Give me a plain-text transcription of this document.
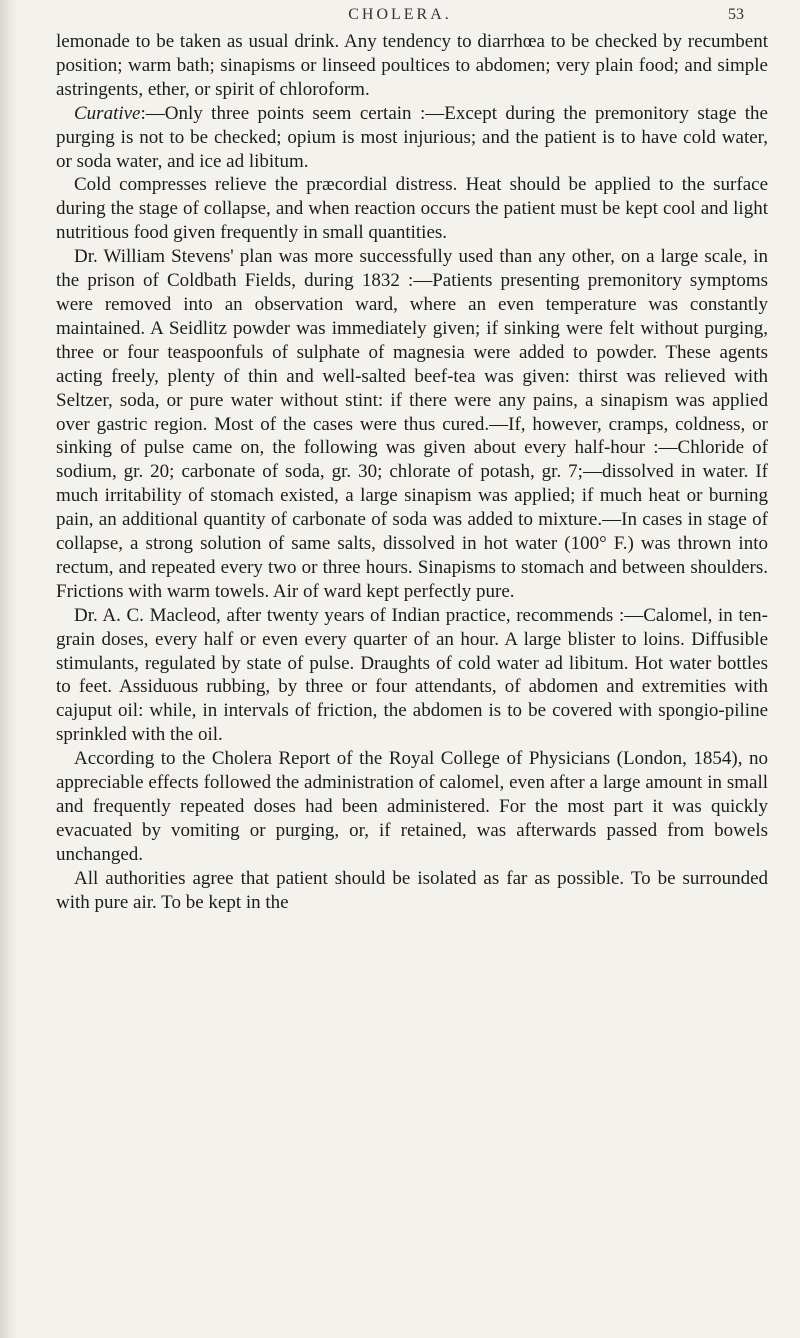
CHOLERA.	53

lemonade to be taken as usual drink. Any tendency to diarrhœa to be checked by recumbent position; warm bath; sinapisms or linseed poultices to abdomen; very plain food; and simple astringents, ether, or spirit of chloroform.

Curative:—Only three points seem certain :—Except during the premonitory stage the purging is not to be checked; opium is most injurious; and the patient is to have cold water, or soda water, and ice ad libitum.

Cold compresses relieve the præcordial distress. Heat should be applied to the surface during the stage of collapse, and when reaction occurs the patient must be kept cool and light nutritious food given frequently in small quantities.

Dr. William Stevens' plan was more successfully used than any other, on a large scale, in the prison of Coldbath Fields, during 1832 :—Patients presenting premonitory symptoms were removed into an observation ward, where an even temperature was constantly maintained. A Seidlitz powder was immediately given; if sinking were felt without purging, three or four teaspoonfuls of sulphate of magnesia were added to powder. These agents acting freely, plenty of thin and well-salted beef-tea was given: thirst was relieved with Seltzer, soda, or pure water without stint: if there were any pains, a sinapism was applied over gastric region. Most of the cases were thus cured.—If, however, cramps, coldness, or sinking of pulse came on, the following was given about every half-hour :—Chloride of sodium, gr. 20; carbonate of soda, gr. 30; chlorate of potash, gr. 7;—dissolved in water. If much irritability of stomach existed, a large sinapism was applied; if much heat or burning pain, an additional quantity of carbonate of soda was added to mixture.—In cases in stage of collapse, a strong solution of same salts, dissolved in hot water (100° F.) was thrown into rectum, and repeated every two or three hours. Sinapisms to stomach and between shoulders. Frictions with warm towels. Air of ward kept perfectly pure.

Dr. A. C. Macleod, after twenty years of Indian practice, recommends :—Calomel, in ten-grain doses, every half or even every quarter of an hour. A large blister to loins. Diffusible stimulants, regulated by state of pulse. Draughts of cold water ad libitum. Hot water bottles to feet. Assiduous rubbing, by three or four attendants, of abdomen and extremities with cajuput oil: while, in intervals of friction, the abdomen is to be covered with spongio-piline sprinkled with the oil.

According to the Cholera Report of the Royal College of Physicians (London, 1854), no appreciable effects followed the administration of calomel, even after a large amount in small and frequently repeated doses had been administered. For the most part it was quickly evacuated by vomiting or purging, or, if retained, was afterwards passed from bowels unchanged.

All authorities agree that patient should be isolated as far as possible. To be surrounded with pure air. To be kept in the
